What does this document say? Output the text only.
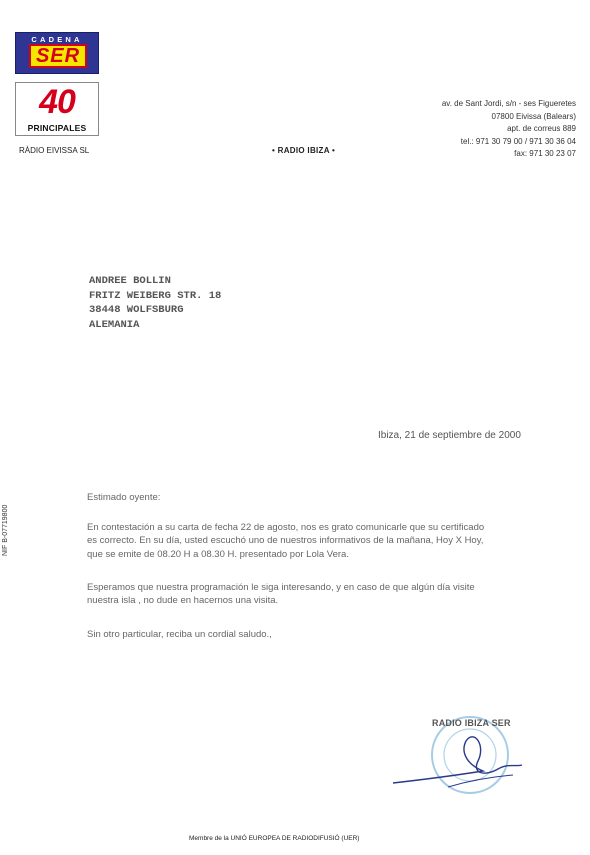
CADENA
SER
40
PRINCIPALES
RÀDIO EIVISSA SL	• RADIO IBIZA •
av. de Sant Jordi, s/n - ses Figueretes
07800 Eivissa (Balears)
apt. de correus 889
tel.: 971 30 79 00 / 971 30 36 04
fax: 971 30 23 07
ANDREE BOLLIN
FRITZ WEIBERG STR. 18
38448 WOLFSBURG
ALEMANIA
Ibiza, 21 de septiembre de 2000
Estimado oyente:
En contestación a su carta de fecha 22 de agosto, nos es grato comunicarle que su certificado
es correcto. En su día, usted escuchó uno de nuestros informativos de la mañana, Hoy X Hoy,
que se emite de 08.20 H a 08.30 H. presentado por Lola Vera.
Esperamos que nuestra programación le siga interesando, y en caso de que algún día visite
nuestra isla , no dude en hacernos una visita.
Sin otro particular, reciba un cordial saludo.,
NIF B-07719800
RADIO IBIZA SER
Membre de la UNIÓ EUROPEA DE RADIODIFUSIÓ (UER)
